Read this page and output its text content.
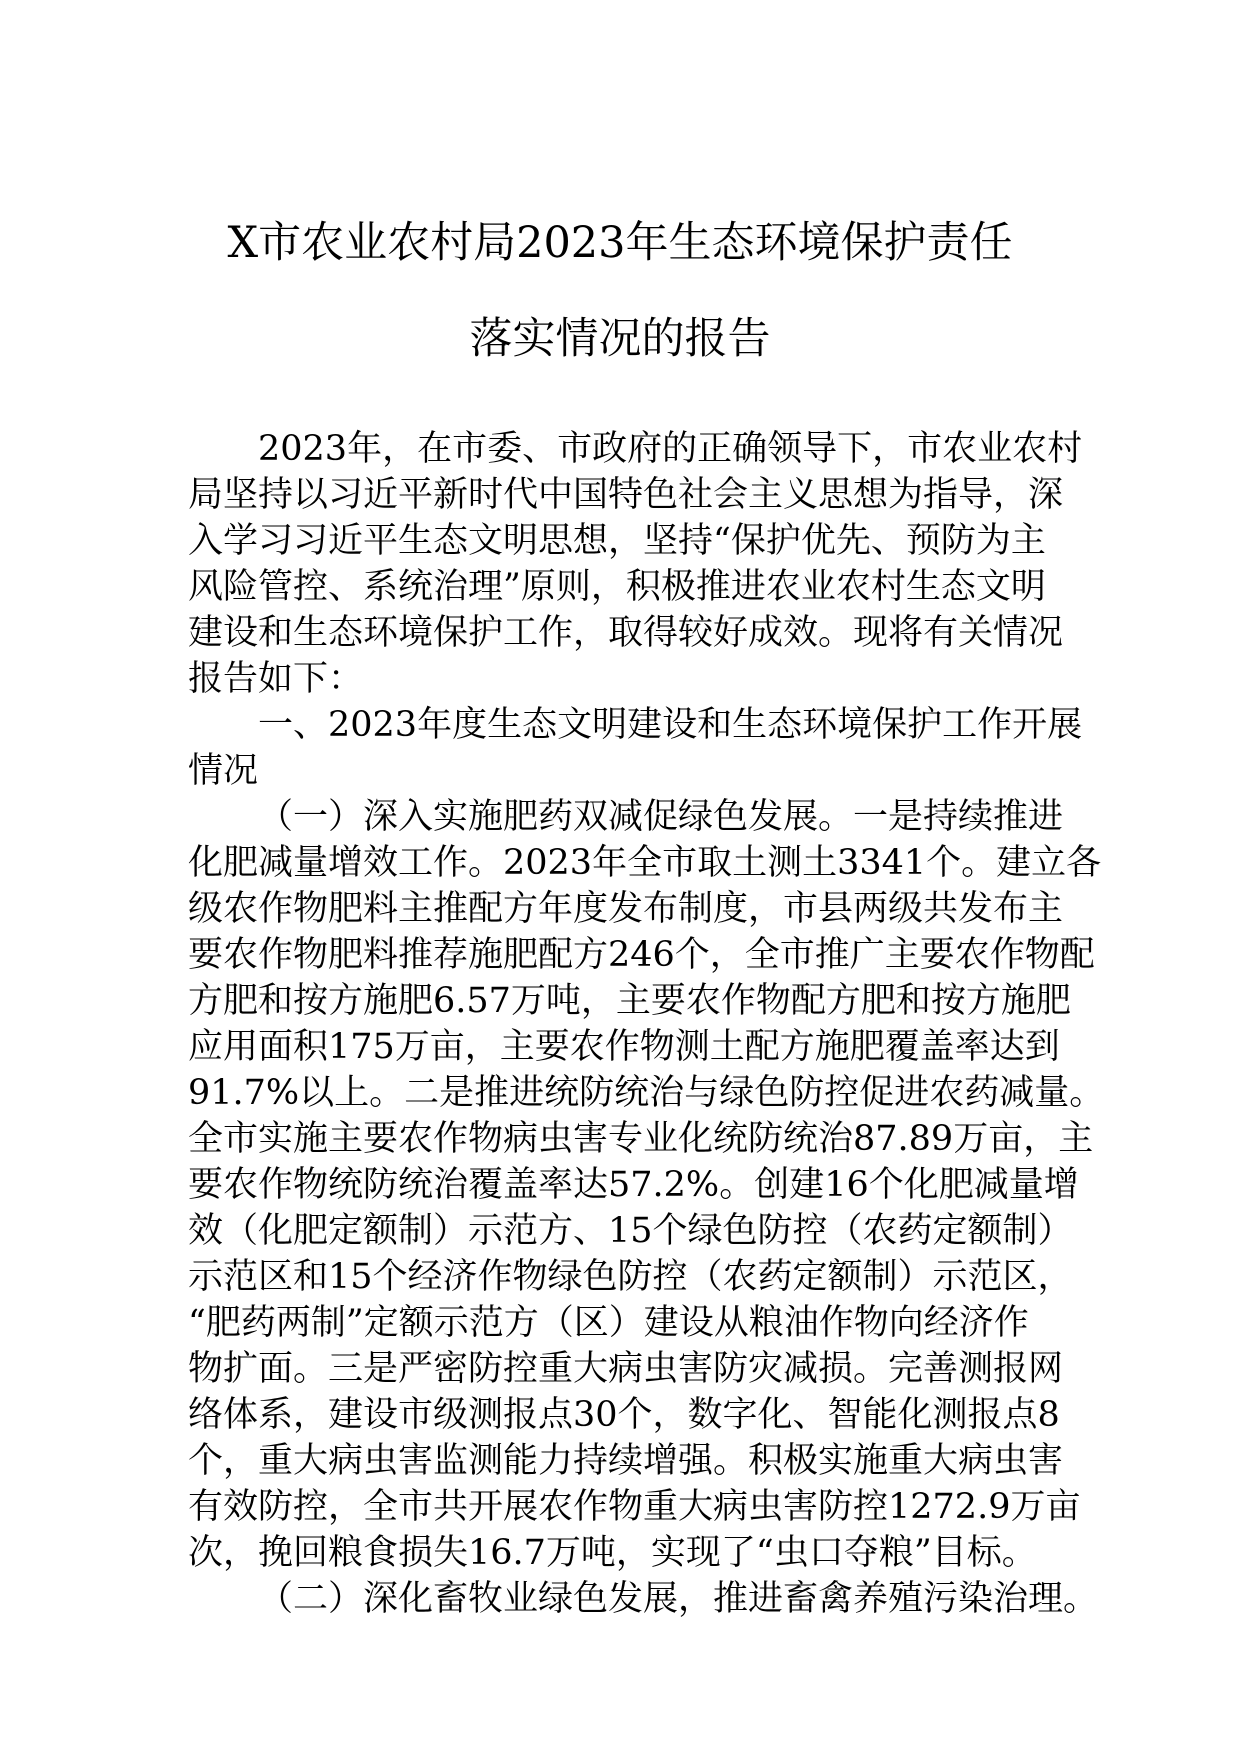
X市农业农村局2023年生态环境保护责任
落实情况的报告
2023年，在市委、市政府的正确领导下，市农业农村
局坚持以习近平新时代中国特色社会主义思想为指导，深
入学习习近平生态文明思想，坚持“保护优先、预防为主
风险管控、系统治理”原则，积极推进农业农村生态文明
建设和生态环境保护工作，取得较好成效。现将有关情况
报告如下：
一、2023年度生态文明建设和生态环境保护工作开展
情况
（一）深入实施肥药双减促绿色发展。一是持续推进
化肥减量增效工作。2023年全市取土测土3341个。建立各
级农作物肥料主推配方年度发布制度，市县两级共发布主
要农作物肥料推荐施肥配方246个，全市推广主要农作物配
方肥和按方施肥6.57万吨，主要农作物配方肥和按方施肥
应用面积175万亩，主要农作物测土配方施肥覆盖率达到
91.7%以上。二是推进统防统治与绿色防控促进农药减量。
全市实施主要农作物病虫害专业化统防统治87.89万亩，主
要农作物统防统治覆盖率达57.2%。创建16个化肥减量增
效（化肥定额制）示范方、15个绿色防控（农药定额制）
示范区和15个经济作物绿色防控（农药定额制）示范区，
“肥药两制”定额示范方（区）建设从粮油作物向经济作
物扩面。三是严密防控重大病虫害防灾减损。完善测报网
络体系，建设市级测报点30个，数字化、智能化测报点8
个，重大病虫害监测能力持续增强。积极实施重大病虫害
有效防控，全市共开展农作物重大病虫害防控1272.9万亩
次，挽回粮食损失16.7万吨，实现了“虫口夺粮”目标。
（二）深化畜牧业绿色发展，推进畜禽养殖污染治理。
